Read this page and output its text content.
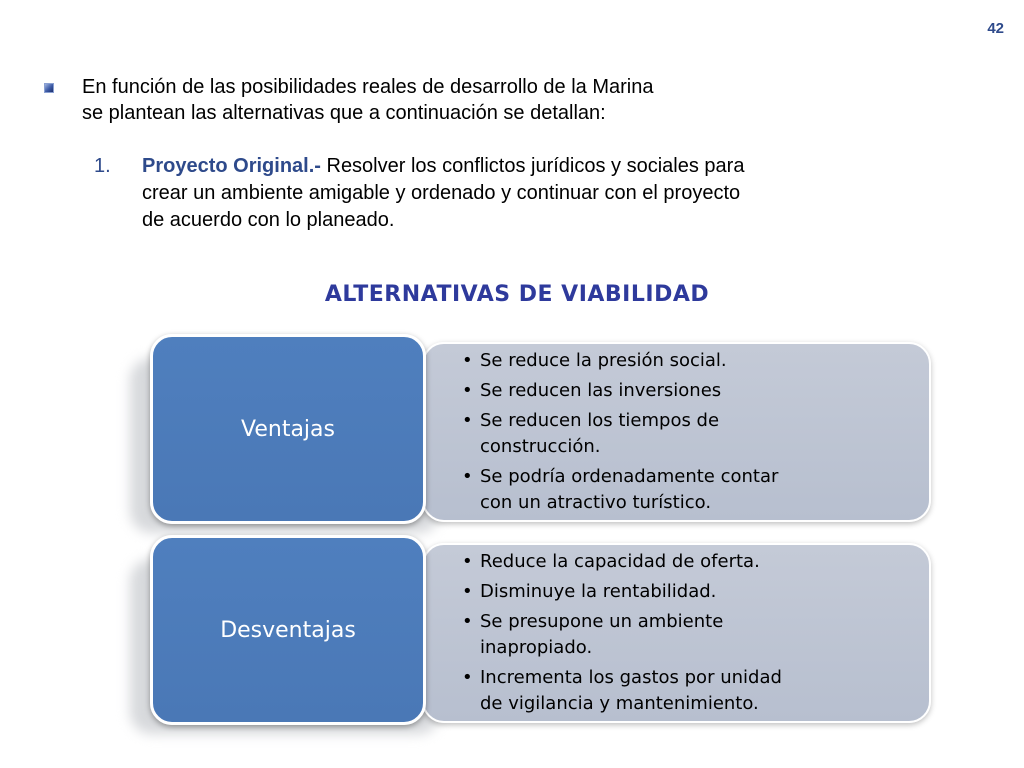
42
En función de las posibilidades reales de desarrollo de la Marina
se plantean las alternativas que a continuación se detallan:
1. Proyecto Original.- Resolver los conflictos jurídicos y sociales para
crear un ambiente amigable y ordenado y continuar con el proyecto
de acuerdo con lo planeado.
ALTERNATIVAS DE VIABILIDAD
Ventajas
• Se reduce la presión social.
• Se reducen las inversiones
• Se reducen los tiempos de
construcción.
• Se podría ordenadamente contar
con un atractivo turístico.
Desventajas
• Reduce la capacidad de oferta.
• Disminuye la rentabilidad.
• Se presupone un ambiente
inapropiado.
• Incrementa los gastos por unidad
de vigilancia y mantenimiento.
